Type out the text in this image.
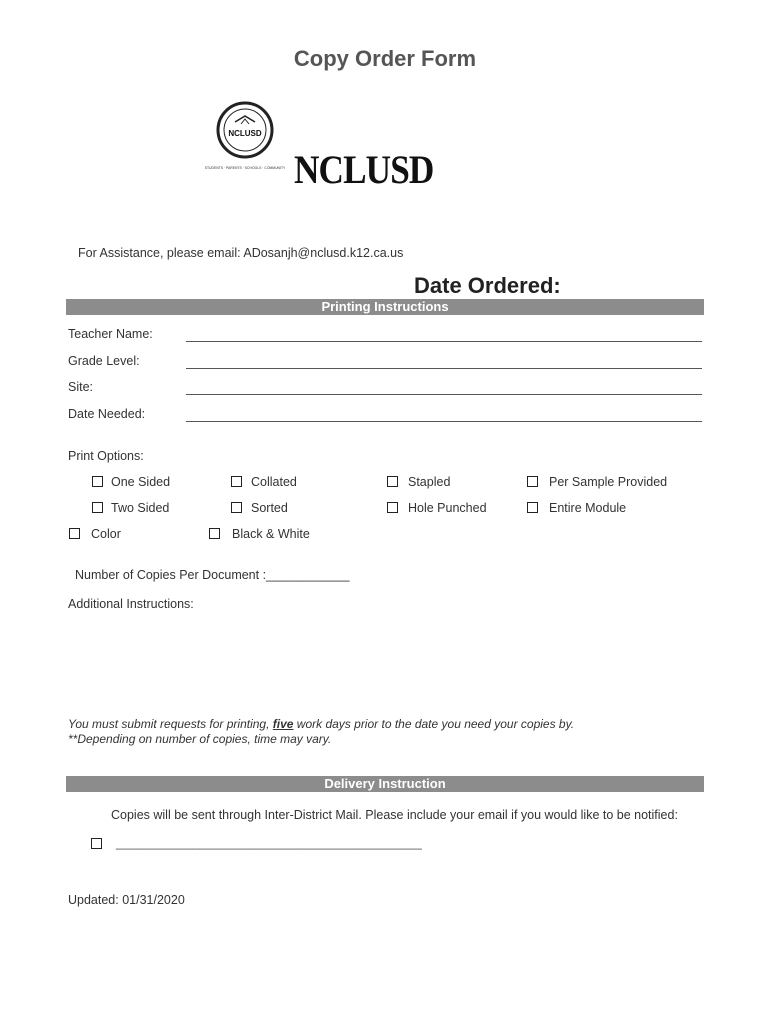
Copy Order Form
NCLUSD
STUDENTS · PARENTS · SCHOOLS · COMMUNITY NCLUSD
For Assistance, please email: ADosanjh@nclusd.k12.ca.us
Date Ordered:
Printing Instructions
Teacher Name:
Grade Level:
Site:
Date Needed:
Print Options:
One Sided	Collated	Stapled	Per Sample Provided
Two Sided	Sorted	Hole Punched	Entire Module
Color	Black & White
Number of Copies Per Document :____________
Additional Instructions:
You must submit requests for printing, five work days prior to the date you need your copies by.
**Depending on number of copies, time may vary.
Delivery Instruction
Copies will be sent through Inter-District Mail. Please include your email if you would like to be notified:
____________________________________________
Updated: 01/31/2020
